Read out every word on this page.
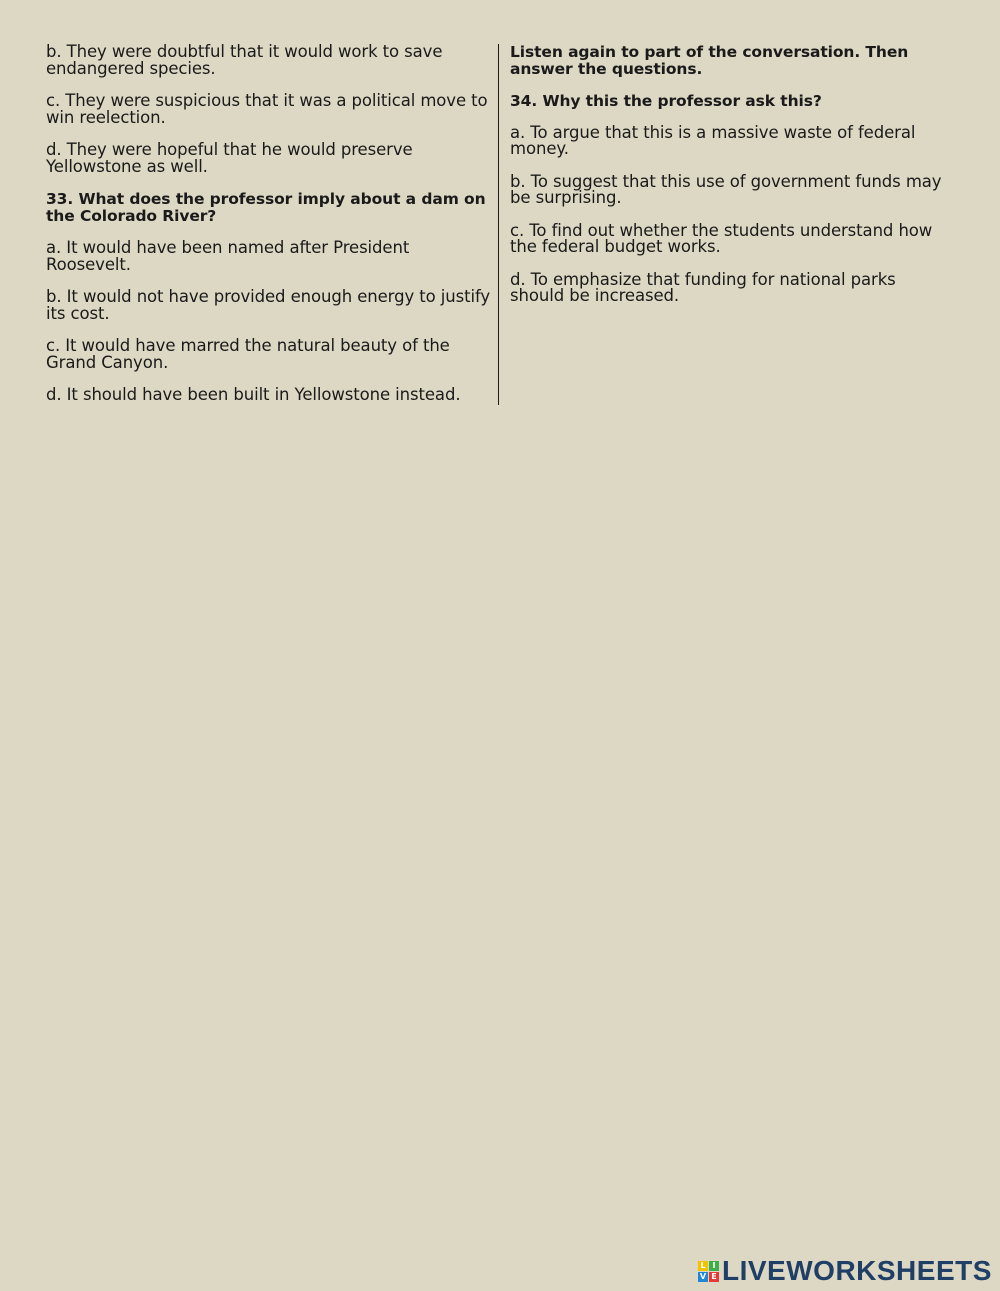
b. They were doubtful that it would work to save endangered species.

c. They were suspicious that it was a political move to win reelection.

d. They were hopeful that he would preserve Yellowstone as well.

33. What does the professor imply about a dam on the Colorado River?

a. It would have been named after President Roosevelt.

b. It would not have provided enough energy to justify its cost.

c. It would have marred the natural beauty of the Grand Canyon.

d. It should have been built in Yellowstone instead.

Listen again to part of the conversation. Then answer the questions.

34. Why this the professor ask this?

a. To argue that this is a massive waste of federal money.

b. To suggest that this use of government funds may be surprising.

c. To find out whether the students understand how the federal budget works.

d. To emphasize that funding for national parks should be increased.

L I
V E LIVEWORKSHEETS
